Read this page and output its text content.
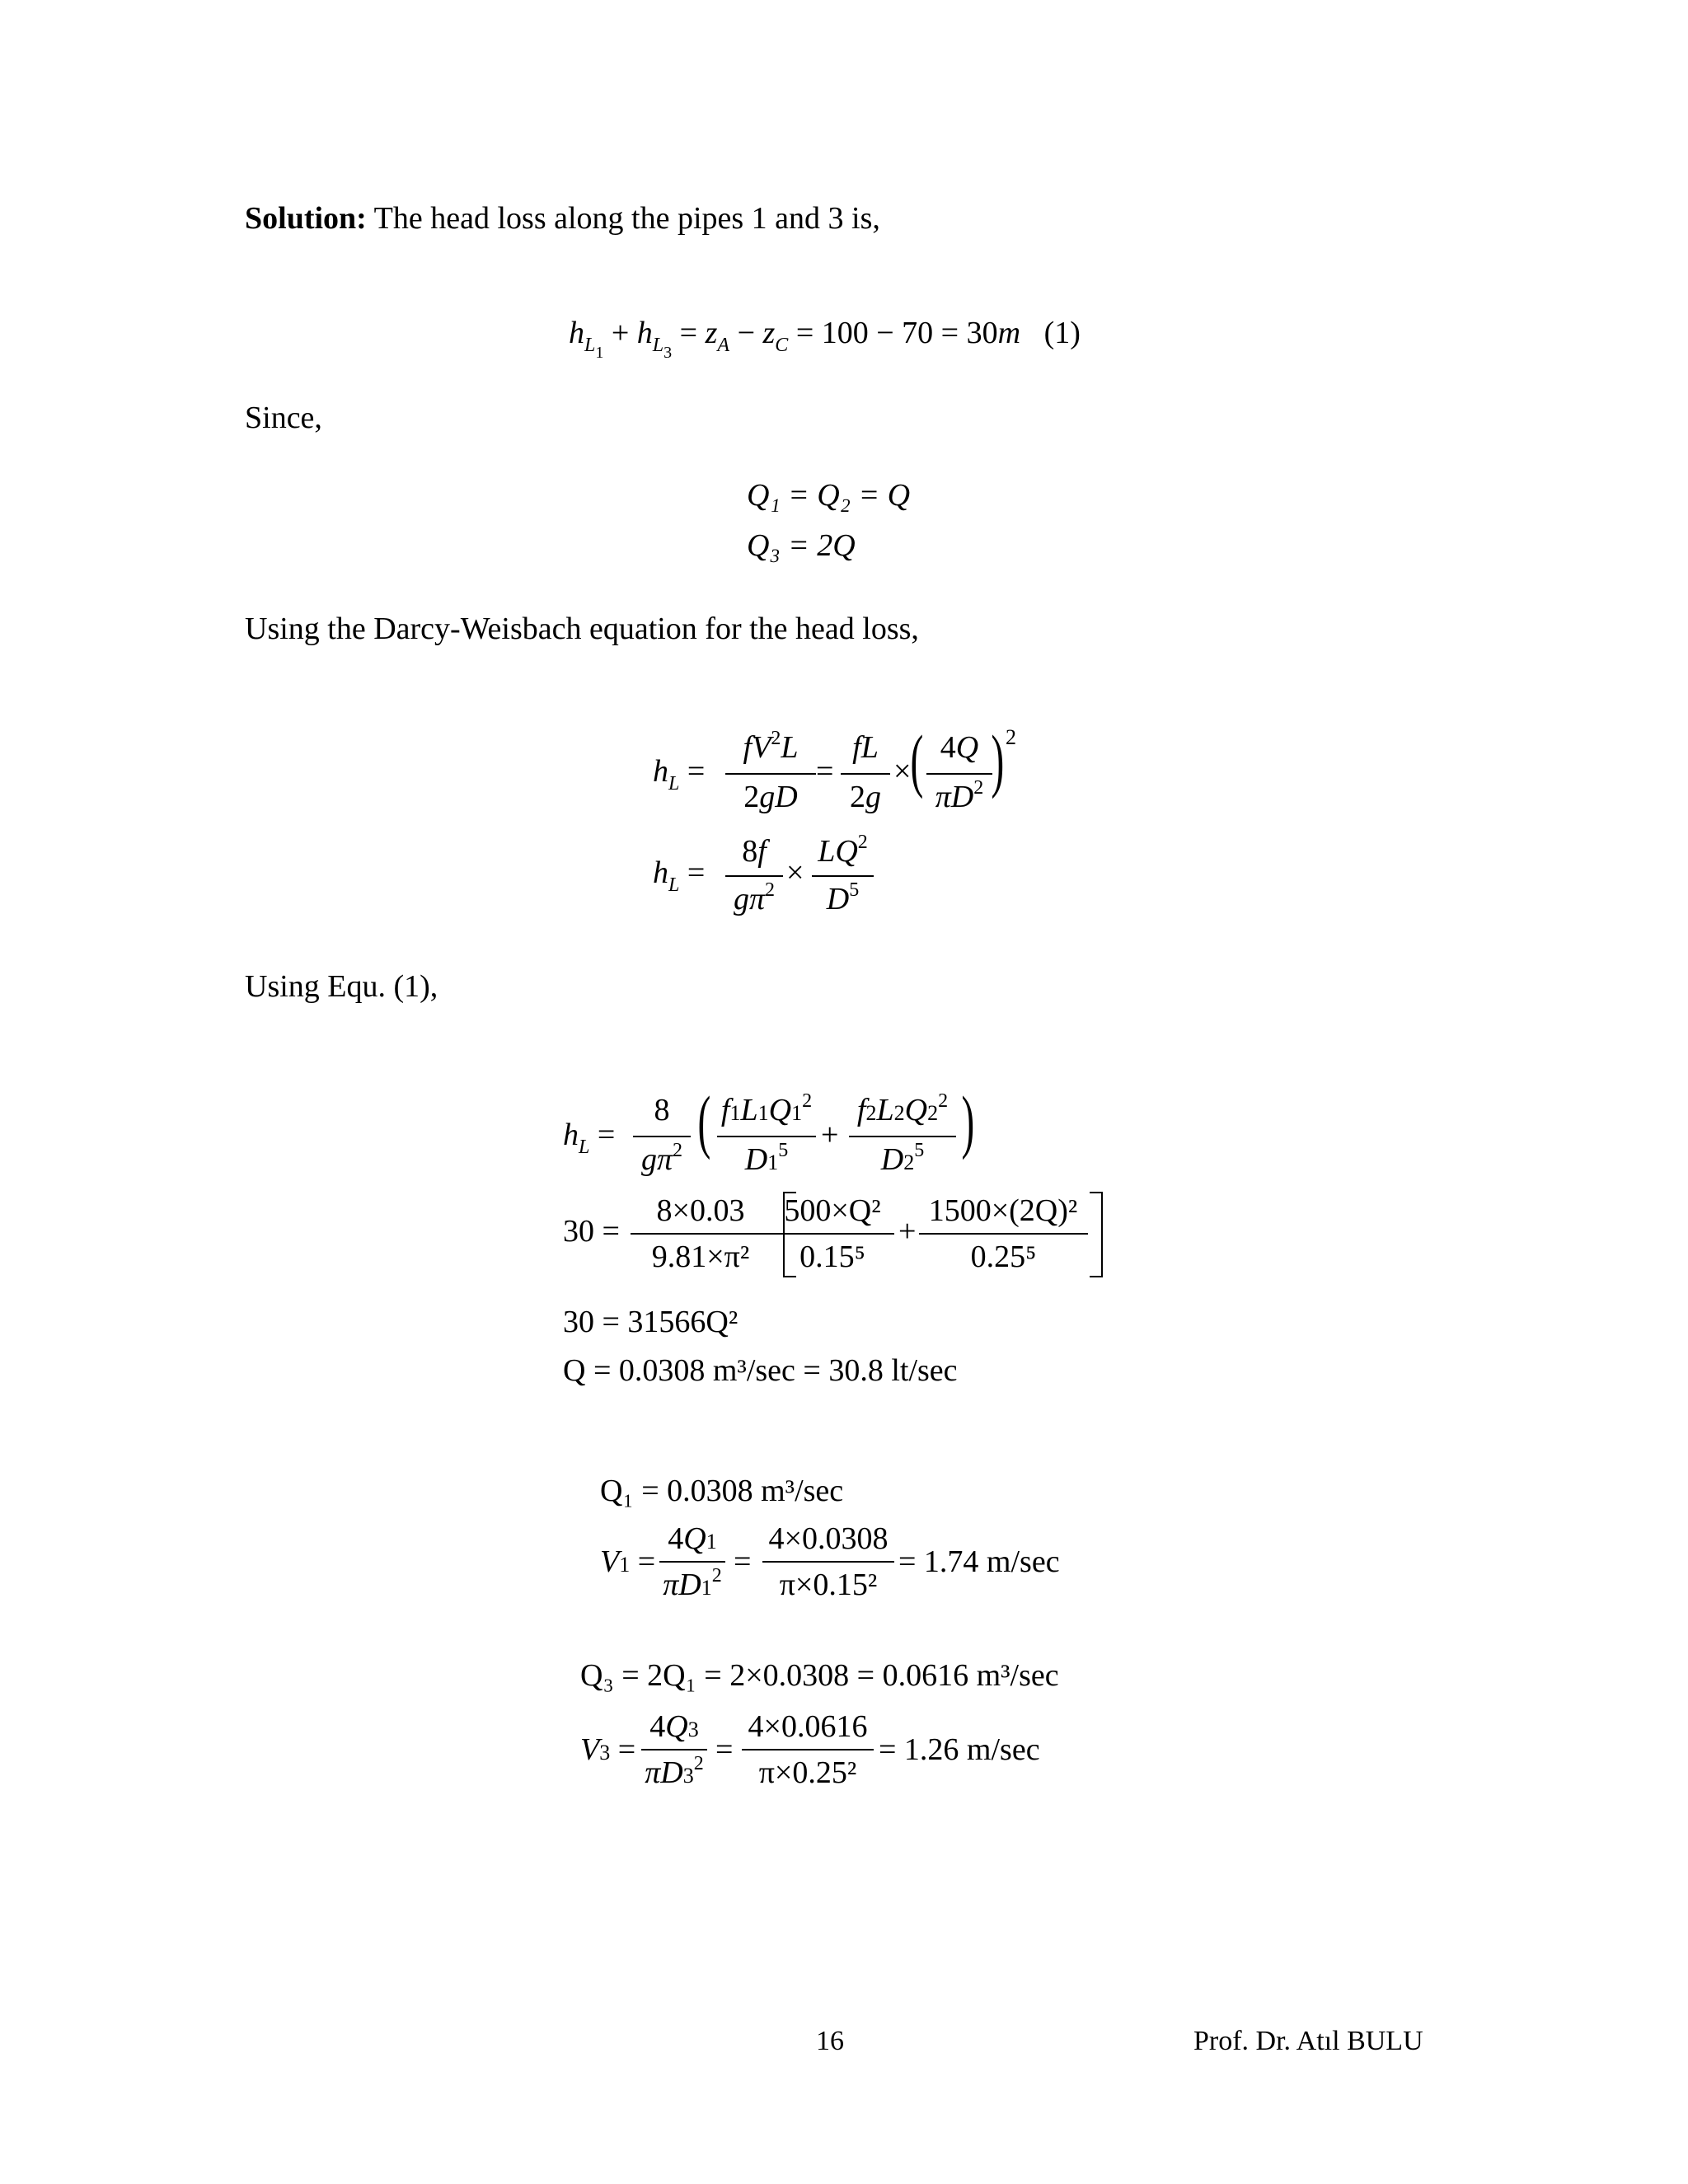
Solution: The head loss along the pipes 1 and 3 is,
$h_{L_1} + h_{L_3} = z_A - z_C = 100 - 70 = 30m$ (1)
Since,
Q₁ = Q₂ = Q
Q₃ = 2Q
Using the Darcy-Weisbach equation for the head loss,
$h_L$ =
$fV^2L$
2gD
=
fL
2g
× ( 4Q
$\pi D^2$ ) 2
$h_L$ =
8f
$g\pi^2$ ×
$LQ^2$
$D^5$
Using Equ. (1),
$h_L$ =
8
$g\pi^2$ ( $f1L1Q1^2$
$D1^5$	+
$f2L2Q2^2$
$D2^5$ )
30 =
8×0.03
9.81×π²
500×Q²
0.15⁵
+
1500×(2Q)²
0.25⁵
30 = 31566Q²
Q = 0.0308 m³/sec = 30.8 lt/sec
Q₁ = 0.0308 m³/sec
V1 =
4Q1
$\pi D1^2$ =
4×0.0308
π×0.15²
= 1.74 m/sec
Q₃ = 2Q₁ = 2×0.0308 = 0.0616 m³/sec
V3 =
4Q3
$\pi D3^2$ =
4×0.0616
π×0.25²
= 1.26 m/sec
16	Prof. Dr. Atıl BULU
